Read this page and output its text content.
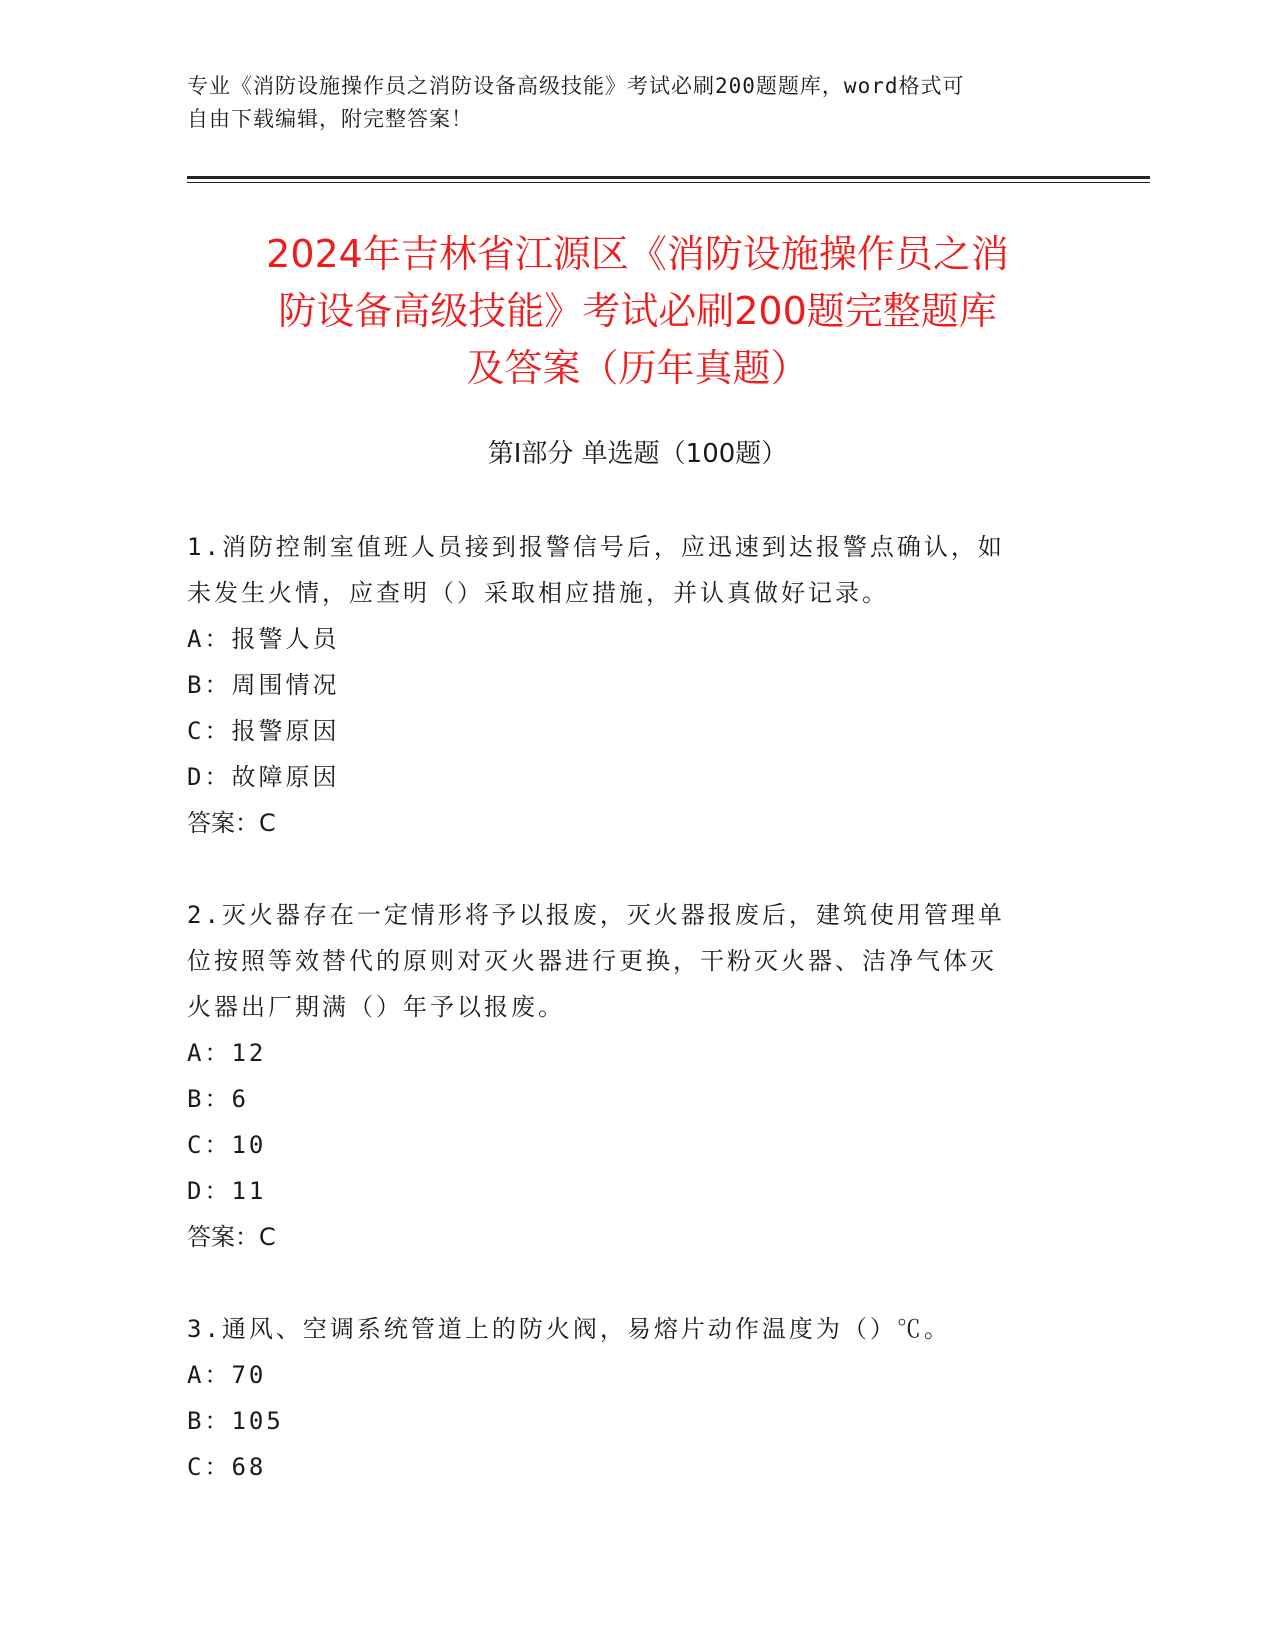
专业《消防设施操作员之消防设备高级技能》考试必刷200题题库，word格式可
自由下载编辑，附完整答案！
2024年吉林省江源区《消防设施操作员之消
防设备高级技能》考试必刷200题完整题库
及答案（历年真题）
第Ⅰ部分 单选题（100题）
1.消防控制室值班人员接到报警信号后，应迅速到达报警点确认，如
未发生火情，应查明（）采取相应措施，并认真做好记录。
A：报警人员
B：周围情况
C：报警原因
D：故障原因
答案：C
2.灭火器存在一定情形将予以报废，灭火器报废后，建筑使用管理单
位按照等效替代的原则对灭火器进行更换，干粉灭火器、洁净气体灭
火器出厂期满（）年予以报废。
A：12
B：6
C：10
D：11
答案：C
3.通风、空调系统管道上的防火阀，易熔片动作温度为（）℃。
A：70
B：105
C：68
